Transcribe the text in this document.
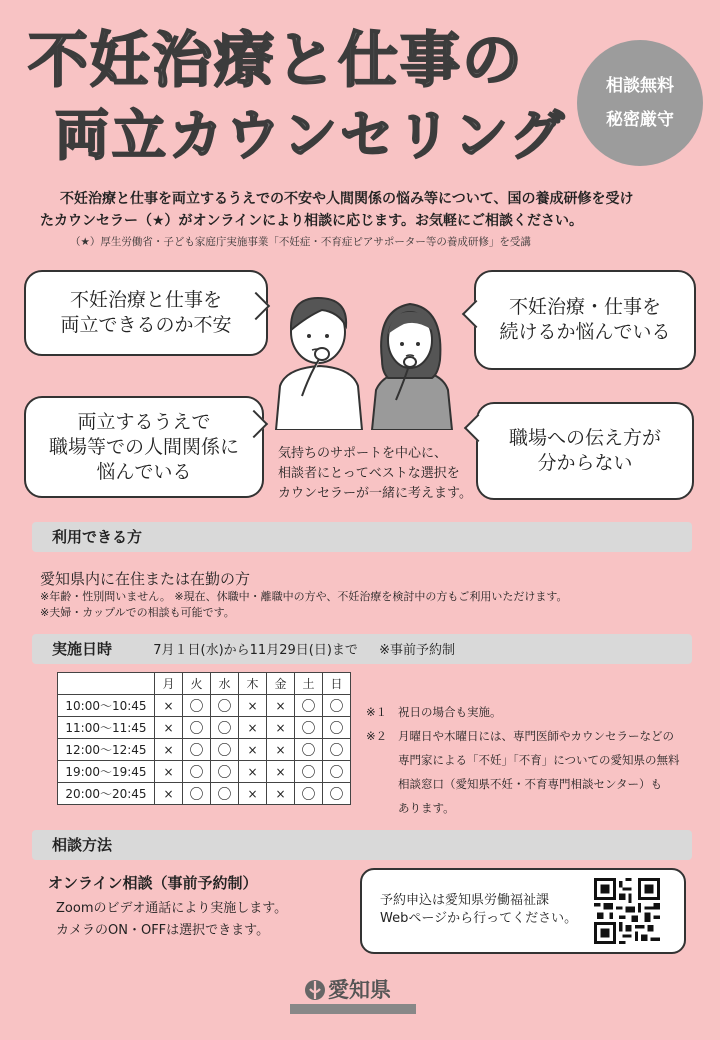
不妊治療と仕事の
両立カウンセリング
相談無料
秘密厳守

不妊治療と仕事を両立するうえでの不安や人間関係の悩み等について、国の養成研修を受け

たカウンセラー（★）がオンラインにより相談に応じます。お気軽にご相談ください。

（★）厚生労働省・子ども家庭庁実施事業「不妊症・不育症ピアサポーター等の養成研修」を受講
不妊治療と仕事を
両立できるのか不安
不妊治療・仕事を
続けるか悩んでいる
両立するうえで
職場等での人間関係に
悩んでいる
職場への伝え方が
分からない
気持ちのサポートを中心に、
相談者にとってベストな選択を
カウンセラーが一緒に考えます。
利用できる方
愛知県内に在住または在勤の方
※年齢・性別問いません。 ※現在、休職中・離職中の方や、不妊治療を検討中の方もご利用いただけます。
※夫婦・カップルでの相談も可能です。
実施日時	7月１日(水)から11月29日(日)まで ※事前予約制
	月	火	水	木	金	土	日
10:00～10:45	×	〇	〇	×	×	〇	〇
11:00～11:45	×	〇	〇	×	×	〇	〇
12:00～12:45	×	〇	〇	×	×	〇	〇
19:00～19:45	×	〇	〇	×	×	〇	〇
20:00～20:45	×	〇	〇	×	×	〇	〇
※１ 祝日の場合も実施。
※２ 月曜日や木曜日には、専門医師やカウンセラーなどの
専門家による「不妊」「不育」についての愛知県の無料
相談窓口（愛知県不妊・不育専門相談センター）も
あります。
相談方法
オンライン相談（事前予約制）
Zoomのビデオ通話により実施します。
カメラのON・OFFは選択できます。
予約申込は愛知県労働福祉課
Webページから行ってください。
愛知県
